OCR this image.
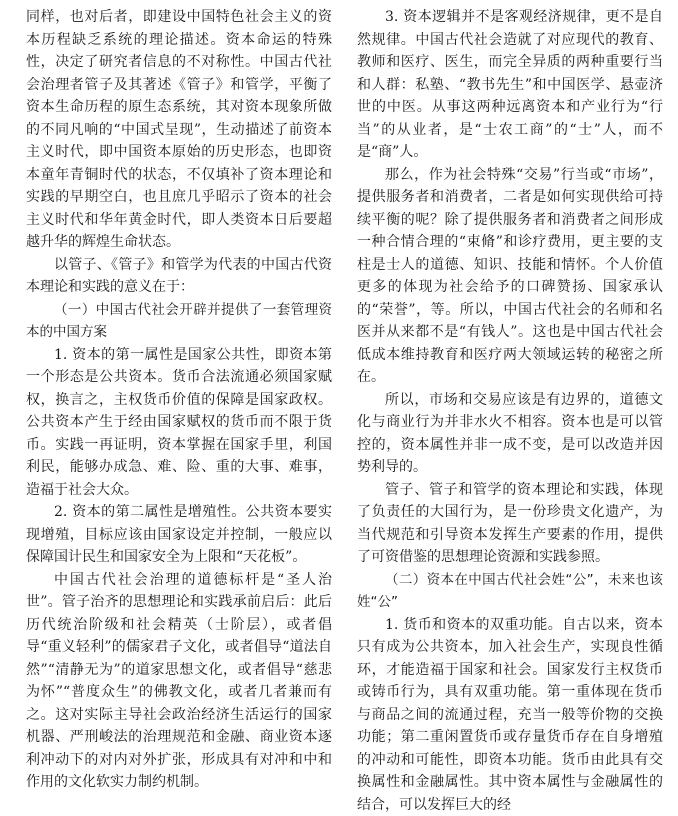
同样，也对后者，即建设中国特色社会主义的资本历程缺乏系统的理论描述。资本命运的特殊性，决定了研究者信息的不对称性。中国古代社会治理者管子及其著述《管子》和管学，平衡了资本生命历程的原生态系统，其对资本现象所做的不同凡响的“中国式呈现”，生动描述了前资本主义时代，即中国资本原始的历史形态，也即资本童年青铜时代的状态，不仅填补了资本理论和实践的早期空白，也且庶几乎昭示了资本的社会主义时代和华年黄金时代，即人类资本日后要超越升华的辉煌生命状态。

以管子、《管子》和管学为代表的中国古代资本理论和实践的意义在于：

（一）中国古代社会开辟并提供了一套管理资本的中国方案

1. 资本的第一属性是国家公共性，即资本第一个形态是公共资本。货币合法流通必须国家赋权，换言之，主权货币价值的保障是国家政权。公共资本产生于经由国家赋权的货币而不限于货币。实践一再证明，资本掌握在国家手里，利国利民，能够办成急、难、险、重的大事、难事，造福于社会大众。

2. 资本的第二属性是增殖性。公共资本要实现增殖，目标应该由国家设定并控制，一般应以保障国计民生和国家安全为上限和“天花板”。

中国古代社会治理的道德标杆是“圣人治世”。管子治齐的思想理论和实践承前启后：此后历代统治阶级和社会精英（士阶层），或者倡导“重义轻利”的儒家君子文化，或者倡导“道法自然”“清静无为”的道家思想文化，或者倡导“慈悲为怀”“普度众生”的佛教文化，或者几者兼而有之。这对实际主导社会政治经济生活运行的国家机器、严刑峻法的治理规范和金融、商业资本逐利冲动下的对内对外扩张，形成具有对冲和中和作用的文化软实力制约机制。

3. 资本逻辑并不是客观经济规律，更不是自然规律。中国古代社会造就了对应现代的教育、教师和医疗、医生，而完全异质的两种重要行当和人群：私塾、“教书先生”和中国医学、悬壶济世的中医。从事这两种远离资本和产业行为“行当”的从业者，是“士农工商”的“士”人，而不是“商”人。

那么，作为社会特殊“交易”行当或“市场”，提供服务者和消费者，二者是如何实现供给可持续平衡的呢？除了提供服务者和消费者之间形成一种合情合理的“束脩”和诊疗费用，更主要的支柱是士人的道德、知识、技能和情怀。个人价值更多的体现为社会给予的口碑赞扬、国家承认的“荣誉”，等。所以，中国古代社会的名师和名医并从来都不是“有钱人”。这也是中国古代社会低成本维持教育和医疗两大领域运转的秘密之所在。

所以，市场和交易应该是有边界的，道德文化与商业行为并非水火不相容。资本也是可以管控的，资本属性并非一成不变，是可以改造并因势利导的。

管子、管子和管学的资本理论和实践，体现了负责任的大国行为，是一份珍贵文化遗产，为当代规范和引导资本发挥生产要素的作用，提供了可资借鉴的思想理论资源和实践参照。

（二）资本在中国古代社会姓“公”，未来也该姓“公”

1. 货币和资本的双重功能。自古以来，资本只有成为公共资本，加入社会生产，实现良性循环，才能造福于国家和社会。国家发行主权货币或铸币行为，具有双重功能。第一重体现在货币与商品之间的流通过程，充当一般等价物的交换功能；第二重闲置货币或存量货币存在自身增殖的冲动和可能性，即资本功能。货币由此具有交换属性和金融属性。其中资本属性与金融属性的结合，可以发挥巨大的经
